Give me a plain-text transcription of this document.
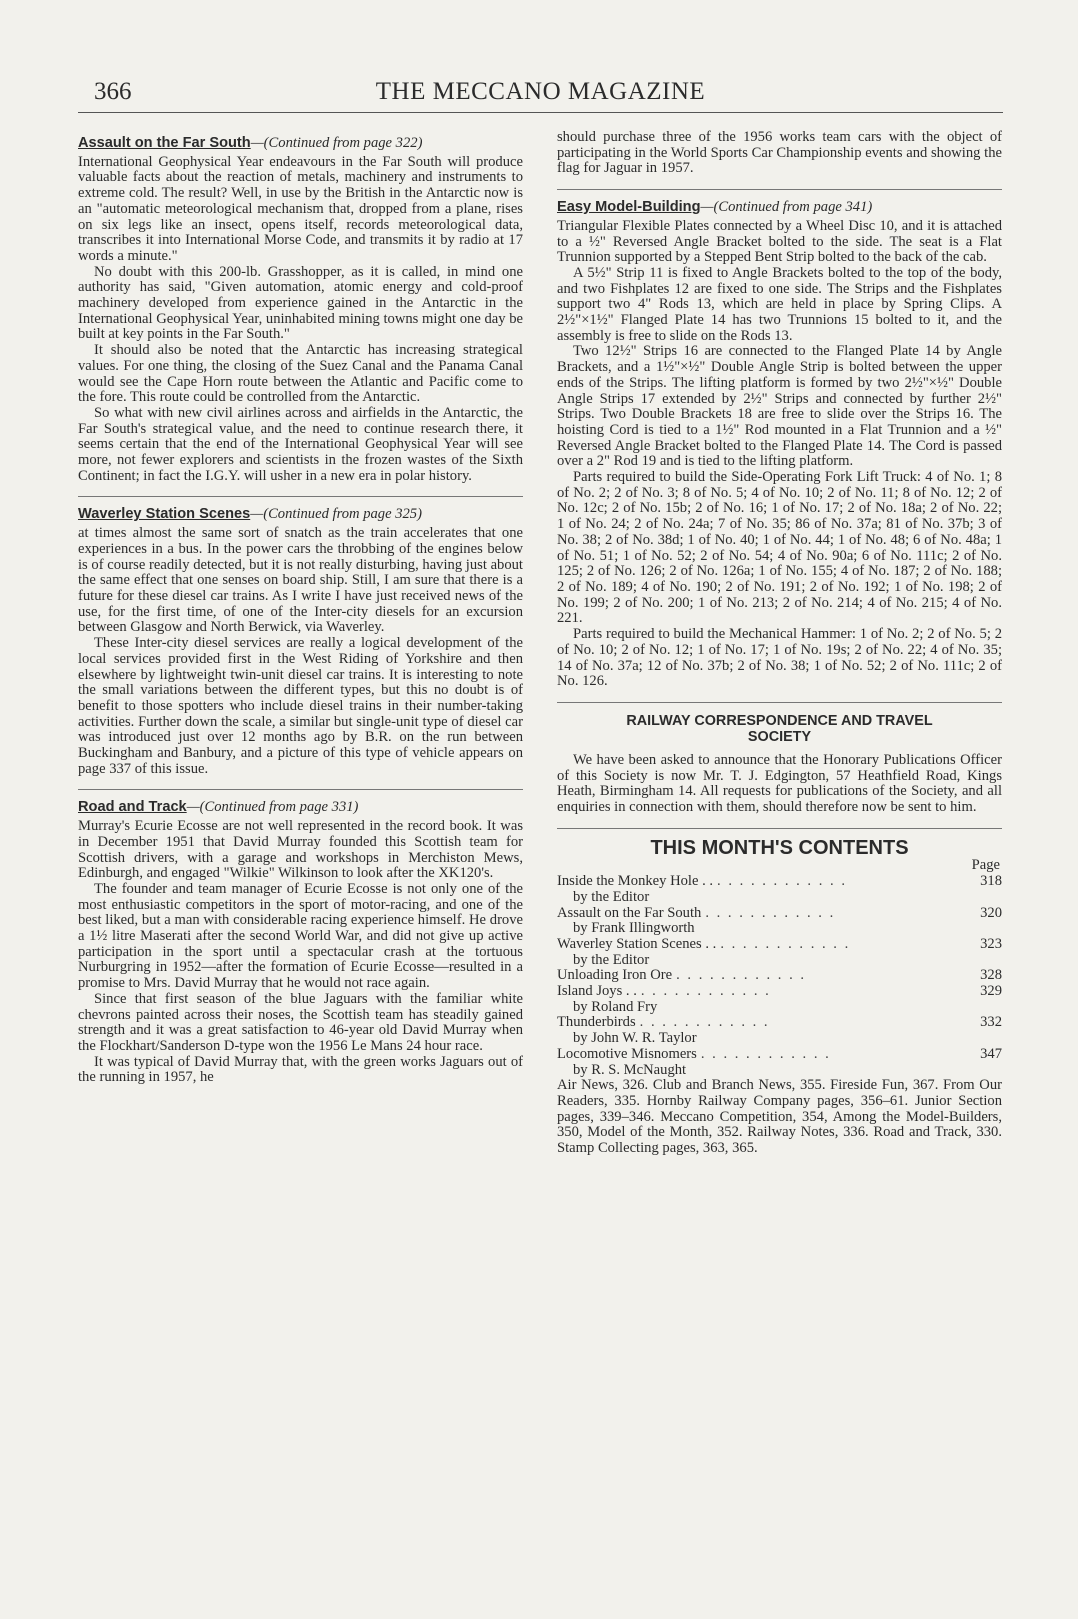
366	THE MECCANO MAGAZINE
Assault on the Far South—(Continued from page 322)

International Geophysical Year endeavours in the Far South will produce valuable facts about the reaction of metals, machinery and instruments to extreme cold. The result? Well, in use by the British in the Antarctic now is an "automatic meteorological mechanism that, dropped from a plane, rises on six legs like an insect, opens itself, records meteorological data, transcribes it into International Morse Code, and transmits it by radio at 17 words a minute."

No doubt with this 200-lb. Grasshopper, as it is called, in mind one authority has said, "Given automation, atomic energy and cold-proof machinery developed from experience gained in the Antarctic in the International Geophysical Year, uninhabited mining towns might one day be built at key points in the Far South."

It should also be noted that the Antarctic has increasing strategical values. For one thing, the closing of the Suez Canal and the Panama Canal would see the Cape Horn route between the Atlantic and Pacific come to the fore. This route could be controlled from the Antarctic.

So what with new civil airlines across and airfields in the Antarctic, the Far South's strategical value, and the need to continue research there, it seems certain that the end of the International Geophysical Year will see more, not fewer explorers and scientists in the frozen wastes of the Sixth Continent; in fact the I.G.Y. will usher in a new era in polar history.

Waverley Station Scenes—(Continued from page 325)

at times almost the same sort of snatch as the train accelerates that one experiences in a bus. In the power cars the throbbing of the engines below is of course readily detected, but it is not really disturbing, having just about the same effect that one senses on board ship. Still, I am sure that there is a future for these diesel car trains. As I write I have just received news of the use, for the first time, of one of the Inter-city diesels for an excursion between Glasgow and North Berwick, via Waverley.

These Inter-city diesel services are really a logical development of the local services provided first in the West Riding of Yorkshire and then elsewhere by lightweight twin-unit diesel car trains. It is interesting to note the small variations between the different types, but this no doubt is of benefit to those spotters who include diesel trains in their number-taking activities. Further down the scale, a similar but single-unit type of diesel car was introduced just over 12 months ago by B.R. on the run between Buckingham and Banbury, and a picture of this type of vehicle appears on page 337 of this issue.

Road and Track—(Continued from page 331)

Murray's Ecurie Ecosse are not well represented in the record book. It was in December 1951 that David Murray founded this Scottish team for Scottish drivers, with a garage and workshops in Merchiston Mews, Edinburgh, and engaged "Wilkie" Wilkinson to look after the XK120's.

The founder and team manager of Ecurie Ecosse is not only one of the most enthusiastic competitors in the sport of motor-racing, and one of the best liked, but a man with considerable racing experience himself. He drove a 1½ litre Maserati after the second World War, and did not give up active participation in the sport until a spectacular crash at the tortuous Nurburgring in 1952—after the formation of Ecurie Ecosse—resulted in a promise to Mrs. David Murray that he would not race again.

Since that first season of the blue Jaguars with the familiar white chevrons painted across their noses, the Scottish team has steadily gained strength and it was a great satisfaction to 46-year old David Murray when the Flockhart/Sanderson D-type won the 1956 Le Mans 24 hour race.

It was typical of David Murray that, with the green works Jaguars out of the running in 1957, he

should purchase three of the 1956 works team cars with the object of participating in the World Sports Car Championship events and showing the flag for Jaguar in 1957.

Easy Model-Building—(Continued from page 341)

Triangular Flexible Plates connected by a Wheel Disc 10, and it is attached to a ½" Reversed Angle Bracket bolted to the side. The seat is a Flat Trunnion supported by a Stepped Bent Strip bolted to the back of the cab.

A 5½" Strip 11 is fixed to Angle Brackets bolted to the top of the body, and two Fishplates 12 are fixed to one side. The Strips and the Fishplates support two 4" Rods 13, which are held in place by Spring Clips. A 2½"×1½" Flanged Plate 14 has two Trunnions 15 bolted to it, and the assembly is free to slide on the Rods 13.

Two 12½" Strips 16 are connected to the Flanged Plate 14 by Angle Brackets, and a 1½"×½" Double Angle Strip is bolted between the upper ends of the Strips. The lifting platform is formed by two 2½"×½" Double Angle Strips 17 extended by 2½" Strips and connected by further 2½" Strips. Two Double Brackets 18 are free to slide over the Strips 16. The hoisting Cord is tied to a 1½" Rod mounted in a Flat Trunnion and a ½" Reversed Angle Bracket bolted to the Flanged Plate 14. The Cord is passed over a 2" Rod 19 and is tied to the lifting platform.

Parts required to build the Side-Operating Fork Lift Truck: 4 of No. 1; 8 of No. 2; 2 of No. 3; 8 of No. 5; 4 of No. 10; 2 of No. 11; 8 of No. 12; 2 of No. 12c; 2 of No. 15b; 2 of No. 16; 1 of No. 17; 2 of No. 18a; 2 of No. 22; 1 of No. 24; 2 of No. 24a; 7 of No. 35; 86 of No. 37a; 81 of No. 37b; 3 of No. 38; 2 of No. 38d; 1 of No. 40; 1 of No. 44; 1 of No. 48; 6 of No. 48a; 1 of No. 51; 1 of No. 52; 2 of No. 54; 4 of No. 90a; 6 of No. 111c; 2 of No. 125; 2 of No. 126; 2 of No. 126a; 1 of No. 155; 4 of No. 187; 2 of No. 188; 2 of No. 189; 4 of No. 190; 2 of No. 191; 2 of No. 192; 1 of No. 198; 2 of No. 199; 2 of No. 200; 1 of No. 213; 2 of No. 214; 4 of No. 215; 4 of No. 221.

Parts required to build the Mechanical Hammer: 1 of No. 2; 2 of No. 5; 2 of No. 10; 2 of No. 12; 1 of No. 17; 1 of No. 19s; 2 of No. 22; 4 of No. 35; 14 of No. 37a; 12 of No. 37b; 2 of No. 38; 1 of No. 52; 2 of No. 111c; 2 of No. 126.

RAILWAY CORRESPONDENCE AND TRAVEL SOCIETY

We have been asked to announce that the Honorary Publications Officer of this Society is now Mr. T. J. Edgington, 57 Heathfield Road, Kings Heath, Birmingham 14. All requests for publications of the Society, and all enquiries in connection with them, should therefore now be sent to him.

THIS MONTH'S CONTENTS
Page
Inside the Monkey Hole . . . . . . . . . . . . . .	318
by the Editor
Assault on the Far South . . . . . . . . . . . .	320
by Frank Illingworth
Waverley Station Scenes . . . . . . . . . . . . . .	323
by the Editor
Unloading Iron Ore . . . . . . . . . . . .	328
Island Joys . . . . . . . . . . . . . .	329
by Roland Fry
Thunderbirds . . . . . . . . . . . .	332
by John W. R. Taylor
Locomotive Misnomers . . . . . . . . . . . .	347
by R. S. McNaught

Air News, 326. Club and Branch News, 355. Fireside Fun, 367. From Our Readers, 335. Hornby Railway Company pages, 356–61. Junior Section pages, 339–346. Meccano Competition, 354, Among the Model-Builders, 350, Model of the Month, 352. Railway Notes, 336. Road and Track, 330. Stamp Collecting pages, 363, 365.
